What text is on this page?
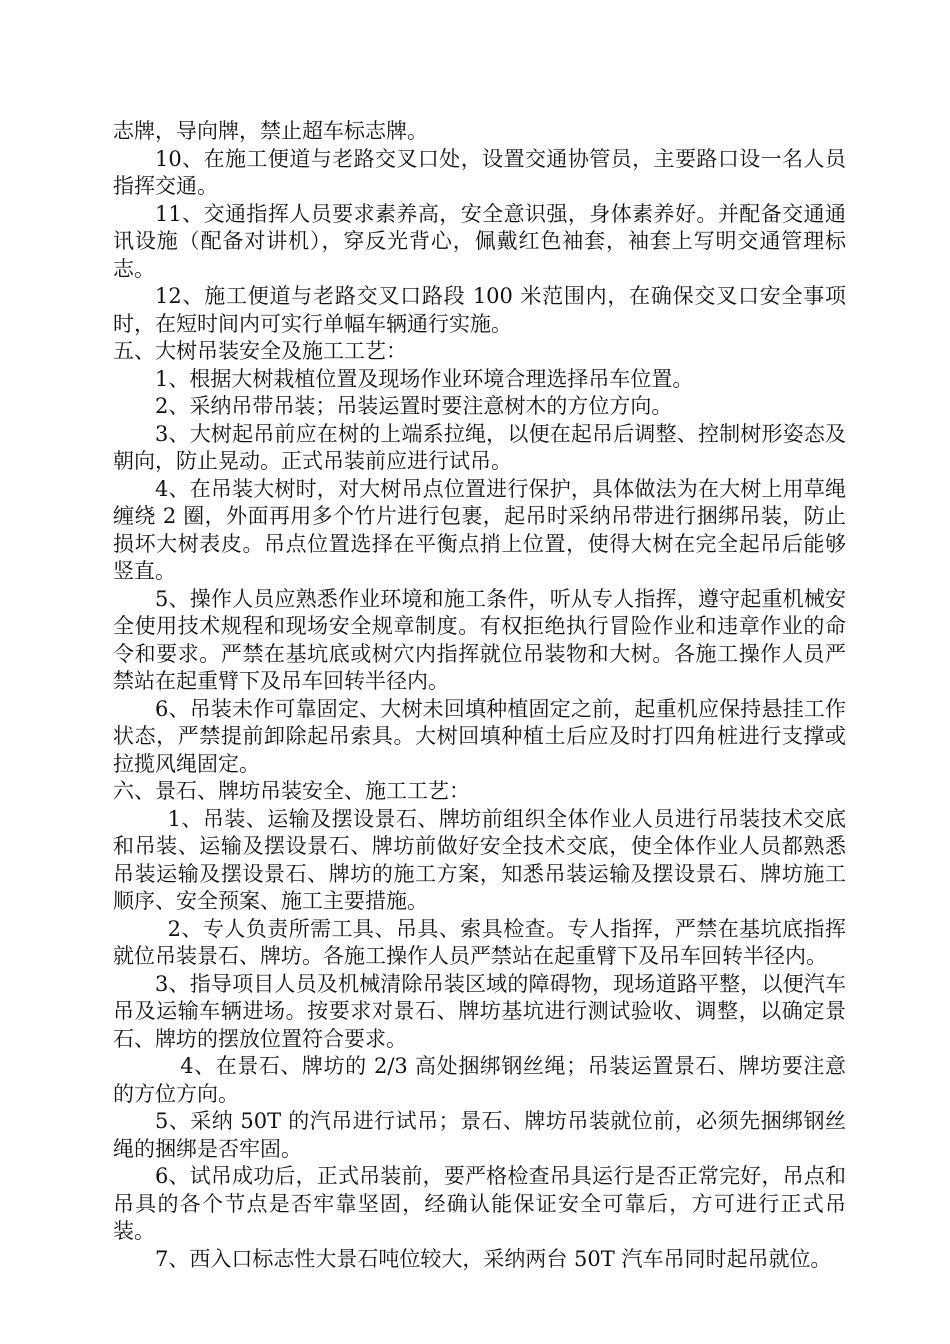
志牌，导向牌，禁止超车标志牌。

10、在施工便道与老路交叉口处，设置交通协管员，主要路口设一名人员指挥交通。

11、交通指挥人员要求素养高，安全意识强，身体素养好。并配备交通通讯设施（配备对讲机），穿反光背心，佩戴红色袖套，袖套上写明交通管理标志。

12、施工便道与老路交叉口路段 100 米范围内，在确保交叉口安全事项时，在短时间内可实行单幅车辆通行实施。

五、大树吊装安全及施工工艺：

1、根据大树栽植位置及现场作业环境合理选择吊车位置。

2、采纳吊带吊装；吊装运置时要注意树木的方位方向。

3、大树起吊前应在树的上端系拉绳，以便在起吊后调整、控制树形姿态及朝向，防止晃动。正式吊装前应进行试吊。

4、在吊装大树时，对大树吊点位置进行保护，具体做法为在大树上用草绳缠绕 2 圈，外面再用多个竹片进行包裹，起吊时采纳吊带进行捆绑吊装，防止损坏大树表皮。吊点位置选择在平衡点捎上位置，使得大树在完全起吊后能够竖直。

5、操作人员应熟悉作业环境和施工条件，听从专人指挥，遵守起重机械安全使用技术规程和现场安全规章制度。有权拒绝执行冒险作业和违章作业的命令和要求。严禁在基坑底或树穴内指挥就位吊装物和大树。各施工操作人员严禁站在起重臂下及吊车回转半径内。

6、吊装未作可靠固定、大树未回填种植固定之前，起重机应保持悬挂工作状态，严禁提前卸除起吊索具。大树回填种植土后应及时打四角桩进行支撑或拉揽风绳固定。

六、景石、牌坊吊装安全、施工工艺：

1、吊装、运输及摆设景石、牌坊前组织全体作业人员进行吊装技术交底和吊装、运输及摆设景石、牌坊前做好安全技术交底，使全体作业人员都熟悉吊装运输及摆设景石、牌坊的施工方案，知悉吊装运输及摆设景石、牌坊施工顺序、安全预案、施工主要措施。

2、专人负责所需工具、吊具、索具检查。专人指挥，严禁在基坑底指挥就位吊装景石、牌坊。各施工操作人员严禁站在起重臂下及吊车回转半径内。

3、指导项目人员及机械清除吊装区域的障碍物，现场道路平整，以便汽车吊及运输车辆进场。按要求对景石、牌坊基坑进行测试验收、调整，以确定景石、牌坊的摆放位置符合要求。

4、在景石、牌坊的 2/3 高处捆绑钢丝绳；吊装运置景石、牌坊要注意的方位方向。

5、采纳 50T 的汽吊进行试吊；景石、牌坊吊装就位前，必须先捆绑钢丝绳的捆绑是否牢固。

6、试吊成功后，正式吊装前，要严格检查吊具运行是否正常完好，吊点和吊具的各个节点是否牢靠坚固，经确认能保证安全可靠后，方可进行正式吊装。

7、西入口标志性大景石吨位较大，采纳两台 50T 汽车吊同时起吊就位。
